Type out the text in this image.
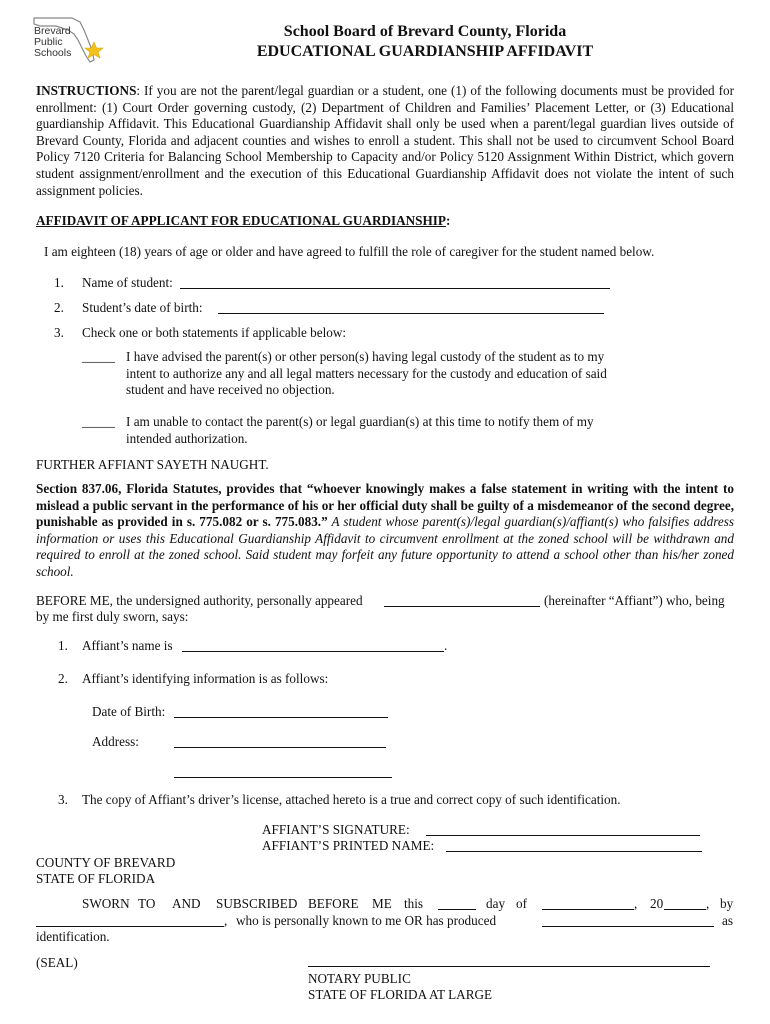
Brevard
Public
Schools
School Board of Brevard County, Florida
EDUCATIONAL GUARDIANSHIP AFFIDAVIT
INSTRUCTIONS: If you are not the parent/legal guardian or a student, one (1) of the following documents must be provided for enrollment: (1) Court Order governing custody, (2) Department of Children and Families’ Placement Letter, or (3) Educational guardianship Affidavit. This Educational Guardianship Affidavit shall only be used when a parent/legal guardian lives outside of Brevard County, Florida and adjacent counties and wishes to enroll a student. This shall not be used to circumvent School Board Policy 7120 Criteria for Balancing School Membership to Capacity and/or Policy 5120 Assignment Within District, which govern student assignment/enrollment and the execution of this Educational Guardianship Affidavit does not violate the intent of such assignment policies.
AFFIDAVIT OF APPLICANT FOR EDUCATIONAL GUARDIANSHIP:
I am eighteen (18) years of age or older and have agreed to fulfill the role of caregiver for the student named below.
1. Name of student:
2. Student’s date of birth:
3. Check one or both statements if applicable below:
_____ I have advised the parent(s) or other person(s) having legal custody of the student as to my intent to authorize any and all legal matters necessary for the custody and education of said student and have received no objection.
_____ I am unable to contact the parent(s) or legal guardian(s) at this time to notify them of my intended authorization.
FURTHER AFFIANT SAYETH NAUGHT.
Section 837.06, Florida Statutes, provides that “whoever knowingly makes a false statement in writing with the intent to mislead a public servant in the performance of his or her official duty shall be guilty of a misdemeanor of the second degree, punishable as provided in s. 775.082 or s. 775.083.” A student whose parent(s)/legal guardian(s)/affiant(s) who falsifies address information or uses this Educational Guardianship Affidavit to circumvent enrollment at the zoned school will be withdrawn and required to enroll at the zoned school. Said student may forfeit any future opportunity to attend a school other than his/her zoned school.
BEFORE ME, the undersigned authority, personally appeared	(hereinafter “Affiant”) who, being
by me first duly sworn, says:
1. Affiant’s name is	.
2. Affiant’s identifying information is as follows:
Date of Birth:
Address:
3. The copy of Affiant’s driver’s license, attached hereto is a true and correct copy of such identification.
AFFIANT’S SIGNATURE:
AFFIANT’S PRINTED NAME:
COUNTY OF BREVARD
STATE OF FLORIDA
SWORN TO AND SUBSCRIBED BEFORE ME this	day of	, 20	, by
, who is personally known to me OR has produced	as
identification.
(SEAL)
NOTARY PUBLIC
STATE OF FLORIDA AT LARGE
